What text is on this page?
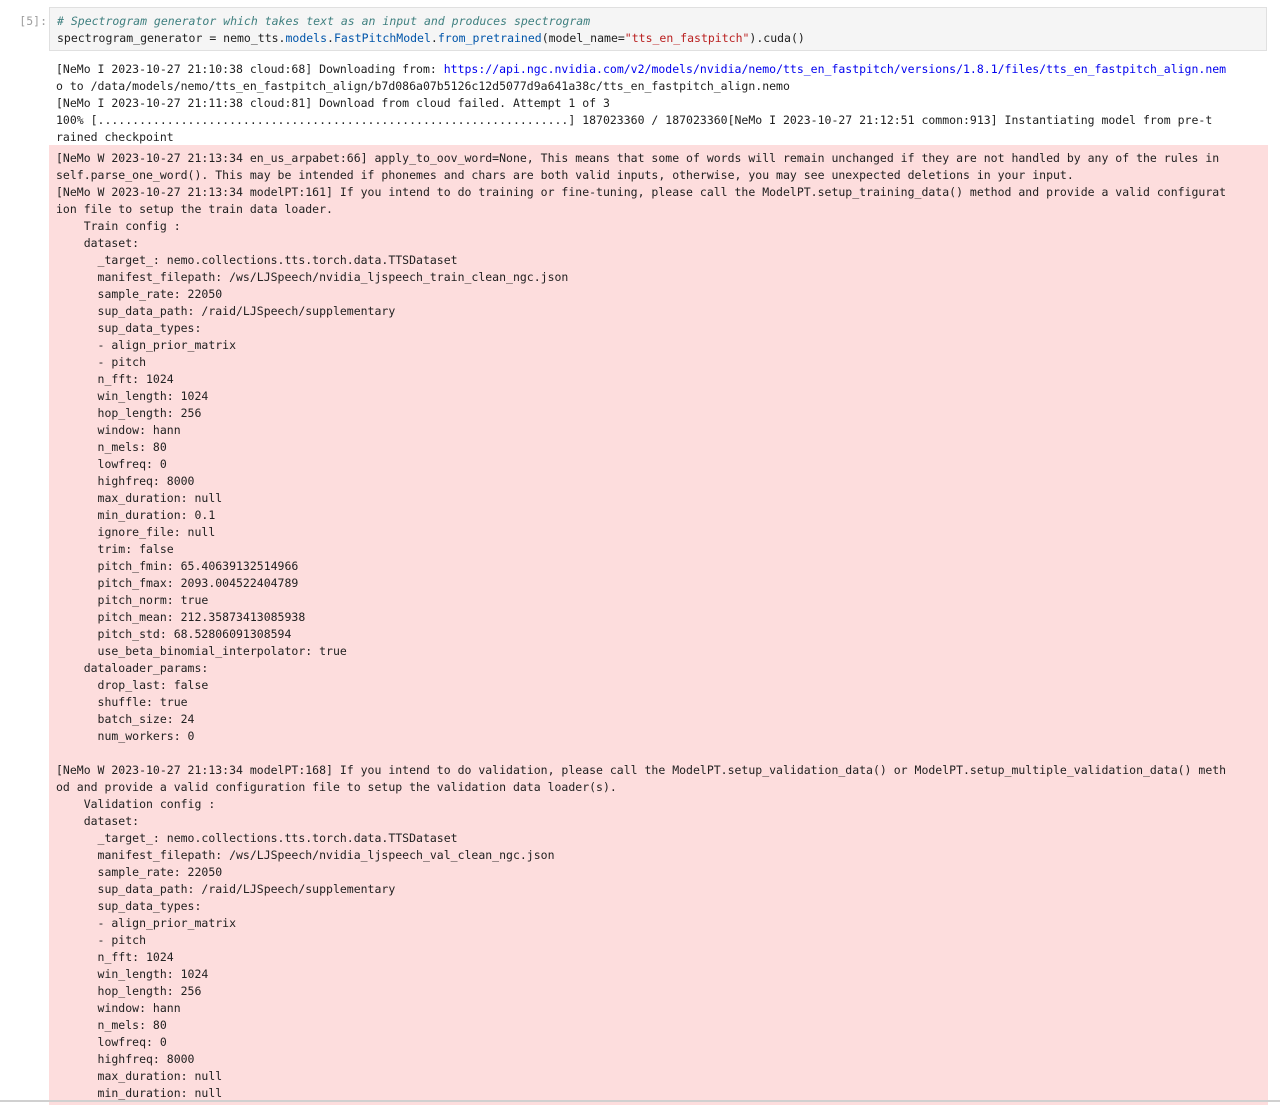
[5]: # Spectrogram generator which takes text as an input and produces spectrogram
spectrogram_generator = nemo_tts.models.FastPitchModel.from_pretrained(model_name="tts_en_fastpitch").cuda()
[NeMo I 2023-10-27 21:10:38 cloud:68] Downloading from: https://api.ngc.nvidia.com/v2/models/nvidia/nemo/tts_en_fastpitch/versions/1.8.1/files/tts_en_fastpitch_align.nem
o to /data/models/nemo/tts_en_fastpitch_align/b7d086a07b5126c12d5077d9a641a38c/tts_en_fastpitch_align.nemo
[NeMo I 2023-10-27 21:11:38 cloud:81] Download from cloud failed. Attempt 1 of 3
100% [....................................................................] 187023360 / 187023360[NeMo I 2023-10-27 21:12:51 common:913] Instantiating model from pre-t
rained checkpoint
[NeMo W 2023-10-27 21:13:34 en_us_arpabet:66] apply_to_oov_word=None, This means that some of words will remain unchanged if they are not handled by any of the rules in
self.parse_one_word(). This may be intended if phonemes and chars are both valid inputs, otherwise, you may see unexpected deletions in your input.
[NeMo W 2023-10-27 21:13:34 modelPT:161] If you intend to do training or fine-tuning, please call the ModelPT.setup_training_data() method and provide a valid configurat
ion file to setup the train data loader.
Train config :
dataset:
_target_: nemo.collections.tts.torch.data.TTSDataset
manifest_filepath: /ws/LJSpeech/nvidia_ljspeech_train_clean_ngc.json
sample_rate: 22050
sup_data_path: /raid/LJSpeech/supplementary
sup_data_types:
- align_prior_matrix
- pitch
n_fft: 1024
win_length: 1024
hop_length: 256
window: hann
n_mels: 80
lowfreq: 0
highfreq: 8000
max_duration: null
min_duration: 0.1
ignore_file: null
trim: false
pitch_fmin: 65.40639132514966
pitch_fmax: 2093.004522404789
pitch_norm: true
pitch_mean: 212.35873413085938
pitch_std: 68.52806091308594
use_beta_binomial_interpolator: true
dataloader_params:
drop_last: false
shuffle: true
batch_size: 24
num_workers: 0

[NeMo W 2023-10-27 21:13:34 modelPT:168] If you intend to do validation, please call the ModelPT.setup_validation_data() or ModelPT.setup_multiple_validation_data() meth
od and provide a valid configuration file to setup the validation data loader(s).
Validation config :
dataset:
_target_: nemo.collections.tts.torch.data.TTSDataset
manifest_filepath: /ws/LJSpeech/nvidia_ljspeech_val_clean_ngc.json
sample_rate: 22050
sup_data_path: /raid/LJSpeech/supplementary
sup_data_types:
- align_prior_matrix
- pitch
n_fft: 1024
win_length: 1024
hop_length: 256
window: hann
n_mels: 80
lowfreq: 0
highfreq: 8000
max_duration: null
min_duration: null
